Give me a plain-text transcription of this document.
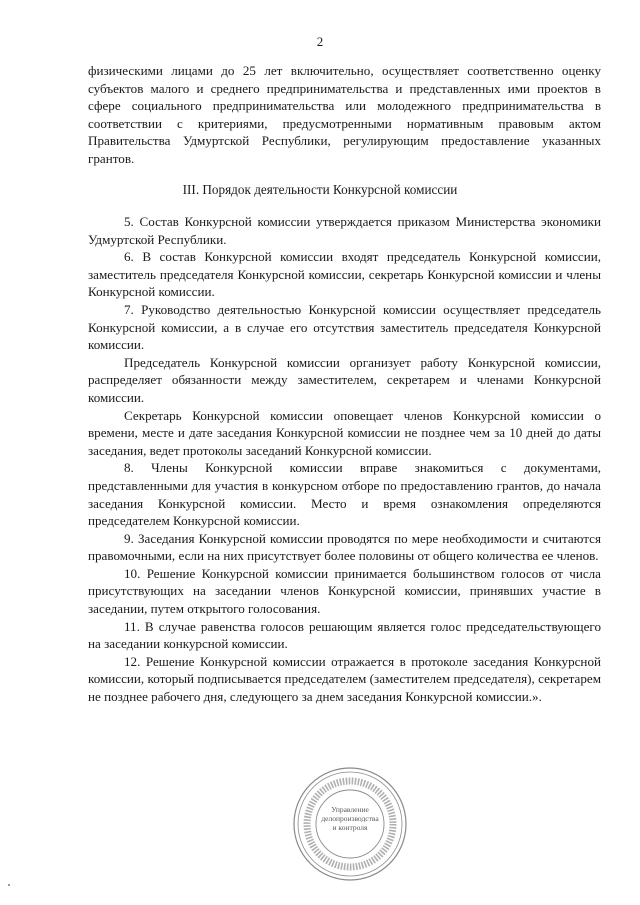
2

физическими лицами до 25 лет включительно, осуществляет соответственно оценку субъектов малого и среднего предпринимательства и представленных ими проектов в сфере социального предпринимательства или молодежного предпринимательства в соответствии с критериями, предусмотренными нормативным правовым актом Правительства Удмуртской Республики, регулирующим предоставление указанных грантов.

III. Порядок деятельности Конкурсной комиссии

5. Состав Конкурсной комиссии утверждается приказом Министерства экономики Удмуртской Республики.

6. В состав Конкурсной комиссии входят председатель Конкурсной комиссии, заместитель председателя Конкурсной комиссии, секретарь Конкурсной комиссии и члены Конкурсной комиссии.

7. Руководство деятельностью Конкурсной комиссии осуществляет председатель Конкурсной комиссии, а в случае его отсутствия заместитель председателя Конкурсной комиссии.

Председатель Конкурсной комиссии организует работу Конкурсной комиссии, распределяет обязанности между заместителем, секретарем и членами Конкурсной комиссии.

Секретарь Конкурсной комиссии оповещает членов Конкурсной комиссии о времени, месте и дате заседания Конкурсной комиссии не позднее чем за 10 дней до даты заседания, ведет протоколы заседаний Конкурсной комиссии.

8. Члены Конкурсной комиссии вправе знакомиться с документами, представленными для участия в конкурсном отборе по предоставлению грантов, до начала заседания Конкурсной комиссии. Место и время ознакомления определяются председателем Конкурсной комиссии.

9. Заседания Конкурсной комиссии проводятся по мере необходимости и считаются правомочными, если на них присутствует более половины от общего количества ее членов.

10. Решение Конкурсной комиссии принимается большинством голосов от числа присутствующих на заседании членов Конкурсной комиссии, принявших участие в заседании, путем открытого голосования.

11. В случае равенства голосов решающим является голос председательствующего на заседании конкурсной комиссии.

12. Решение Конкурсной комиссии отражается в протоколе заседания Конкурсной комиссии, который подписывается председателем (заместителем председателя), секретарем не позднее рабочего дня, следующего за днем заседания Конкурсной комиссии.».

Управление
делопроизводства
и контроля
